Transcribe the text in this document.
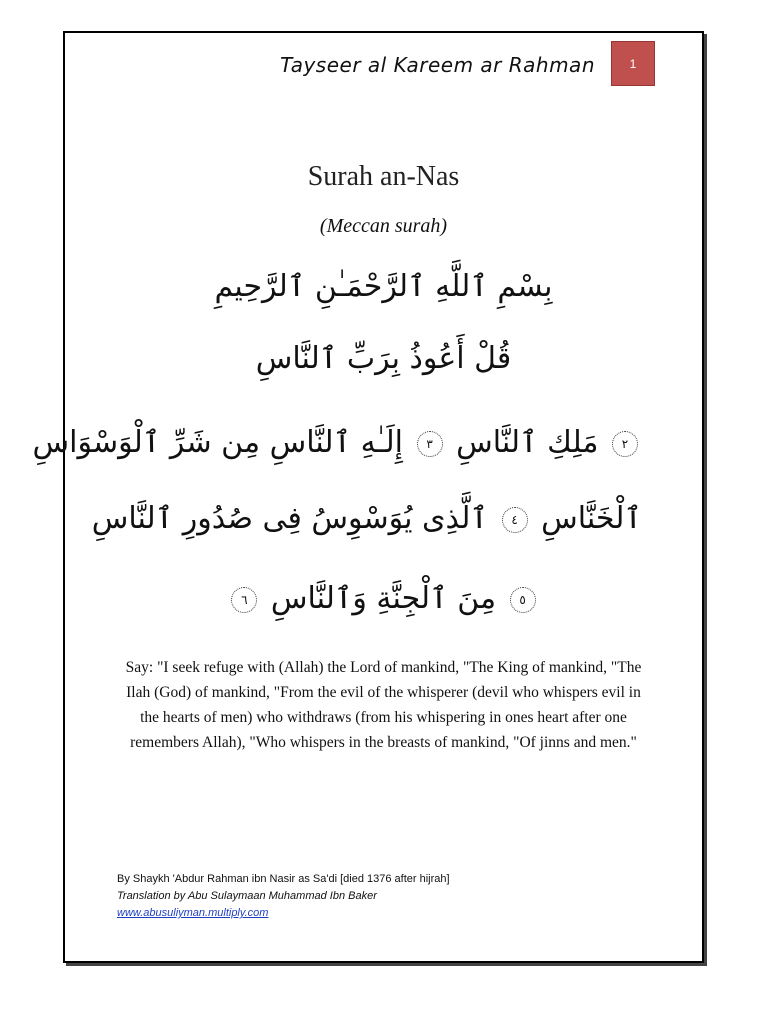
Tayseer al Kareem ar Rahman	1
Surah an-Nas
(Meccan surah)
بِسْمِ ٱللَّهِ ٱلرَّحْمَـٰنِ ٱلرَّحِيمِ
قُلْ أَعُوذُ بِرَبِّ ٱلنَّاسِ
٢ مَلِكِ ٱلنَّاسِ ٣ إِلَـٰهِ ٱلنَّاسِ مِن شَرِّ ٱلْوَسْوَاسِ
ٱلْخَنَّاسِ ٤ ٱلَّذِى يُوَسْوِسُ فِى صُدُورِ ٱلنَّاسِ
٥ مِنَ ٱلْجِنَّةِ وَٱلنَّاسِ ٦
Say: "I seek refuge with (Allah) the Lord of mankind, "The King of mankind, "The Ilah (God) of mankind, "From the evil of the whisperer (devil who whispers evil in the hearts of men) who withdraws (from his whispering in ones heart after one remembers Allah), "Who whispers in the breasts of mankind, "Of jinns and men."
By Shaykh 'Abdur Rahman ibn Nasir as Sa'di [died 1376 after hijrah]
Translation by Abu Sulaymaan Muhammad Ibn Baker
www.abusuliyman.multiply.com
